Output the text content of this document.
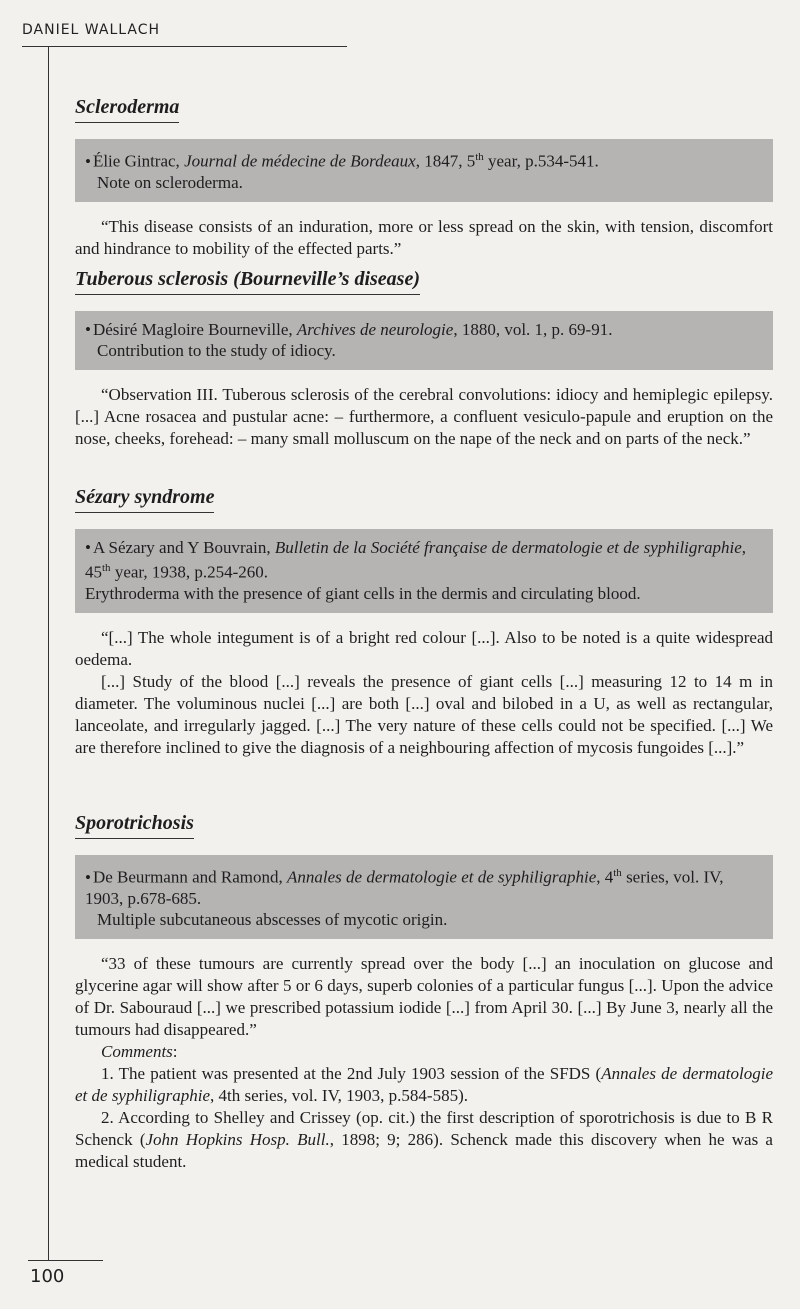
DANIEL WALLACH
Scleroderma

• Élie Gintrac, Journal de médecine de Bordeaux, 1847, 5th year, p.534-541.

Note on scleroderma.

“This disease consists of an induration, more or less spread on the skin, with tension, discomfort and hindrance to mobility of the effected parts.”

Tuberous sclerosis (Bourneville’s disease)

• Désiré Magloire Bourneville, Archives de neurologie, 1880, vol. 1, p. 69-91.

Contribution to the study of idiocy.

“Observation III. Tuberous sclerosis of the cerebral convolutions: idiocy and hemiplegic epilepsy. [...] Acne rosacea and pustular acne: – furthermore, a confluent vesiculo-papule and eruption on the nose, cheeks, forehead: – many small molluscum on the nape of the neck and on parts of the neck.”

Sézary syndrome

• A Sézary and Y Bouvrain, Bulletin de la Société française de dermatologie et de syphiligraphie, 45th year, 1938, p.254-260.

Erythroderma with the presence of giant cells in the dermis and circulating blood.

“[...] The whole integument is of a bright red colour [...]. Also to be noted is a quite widespread oedema.

[...] Study of the blood [...] reveals the presence of giant cells [...] measuring 12 to 14 m in diameter. The voluminous nuclei [...] are both [...] oval and bilobed in a U, as well as rectangular, lanceolate, and irregularly jagged. [...] The very nature of these cells could not be specified. [...] We are therefore inclined to give the diagnosis of a neighbouring affection of mycosis fungoides [...].”

Sporotrichosis

• De Beurmann and Ramond, Annales de dermatologie et de syphiligraphie, 4th series, vol. IV, 1903, p.678-685.

Multiple subcutaneous abscesses of mycotic origin.

“33 of these tumours are currently spread over the body [...] an inoculation on glucose and glycerine agar will show after 5 or 6 days, superb colonies of a particular fungus [...]. Upon the advice of Dr. Sabouraud [...] we prescribed potassium iodide [...] from April 30. [...] By June 3, nearly all the tumours had disappeared.”

Comments:

1. The patient was presented at the 2nd July 1903 session of the SFDS (Annales de dermatologie et de syphiligraphie, 4th series, vol. IV, 1903, p.584-585).

2. According to Shelley and Crissey (op. cit.) the first description of sporotrichosis is due to B R Schenck (John Hopkins Hosp. Bull., 1898; 9; 286). Schenck made this discovery when he was a medical student.

100
